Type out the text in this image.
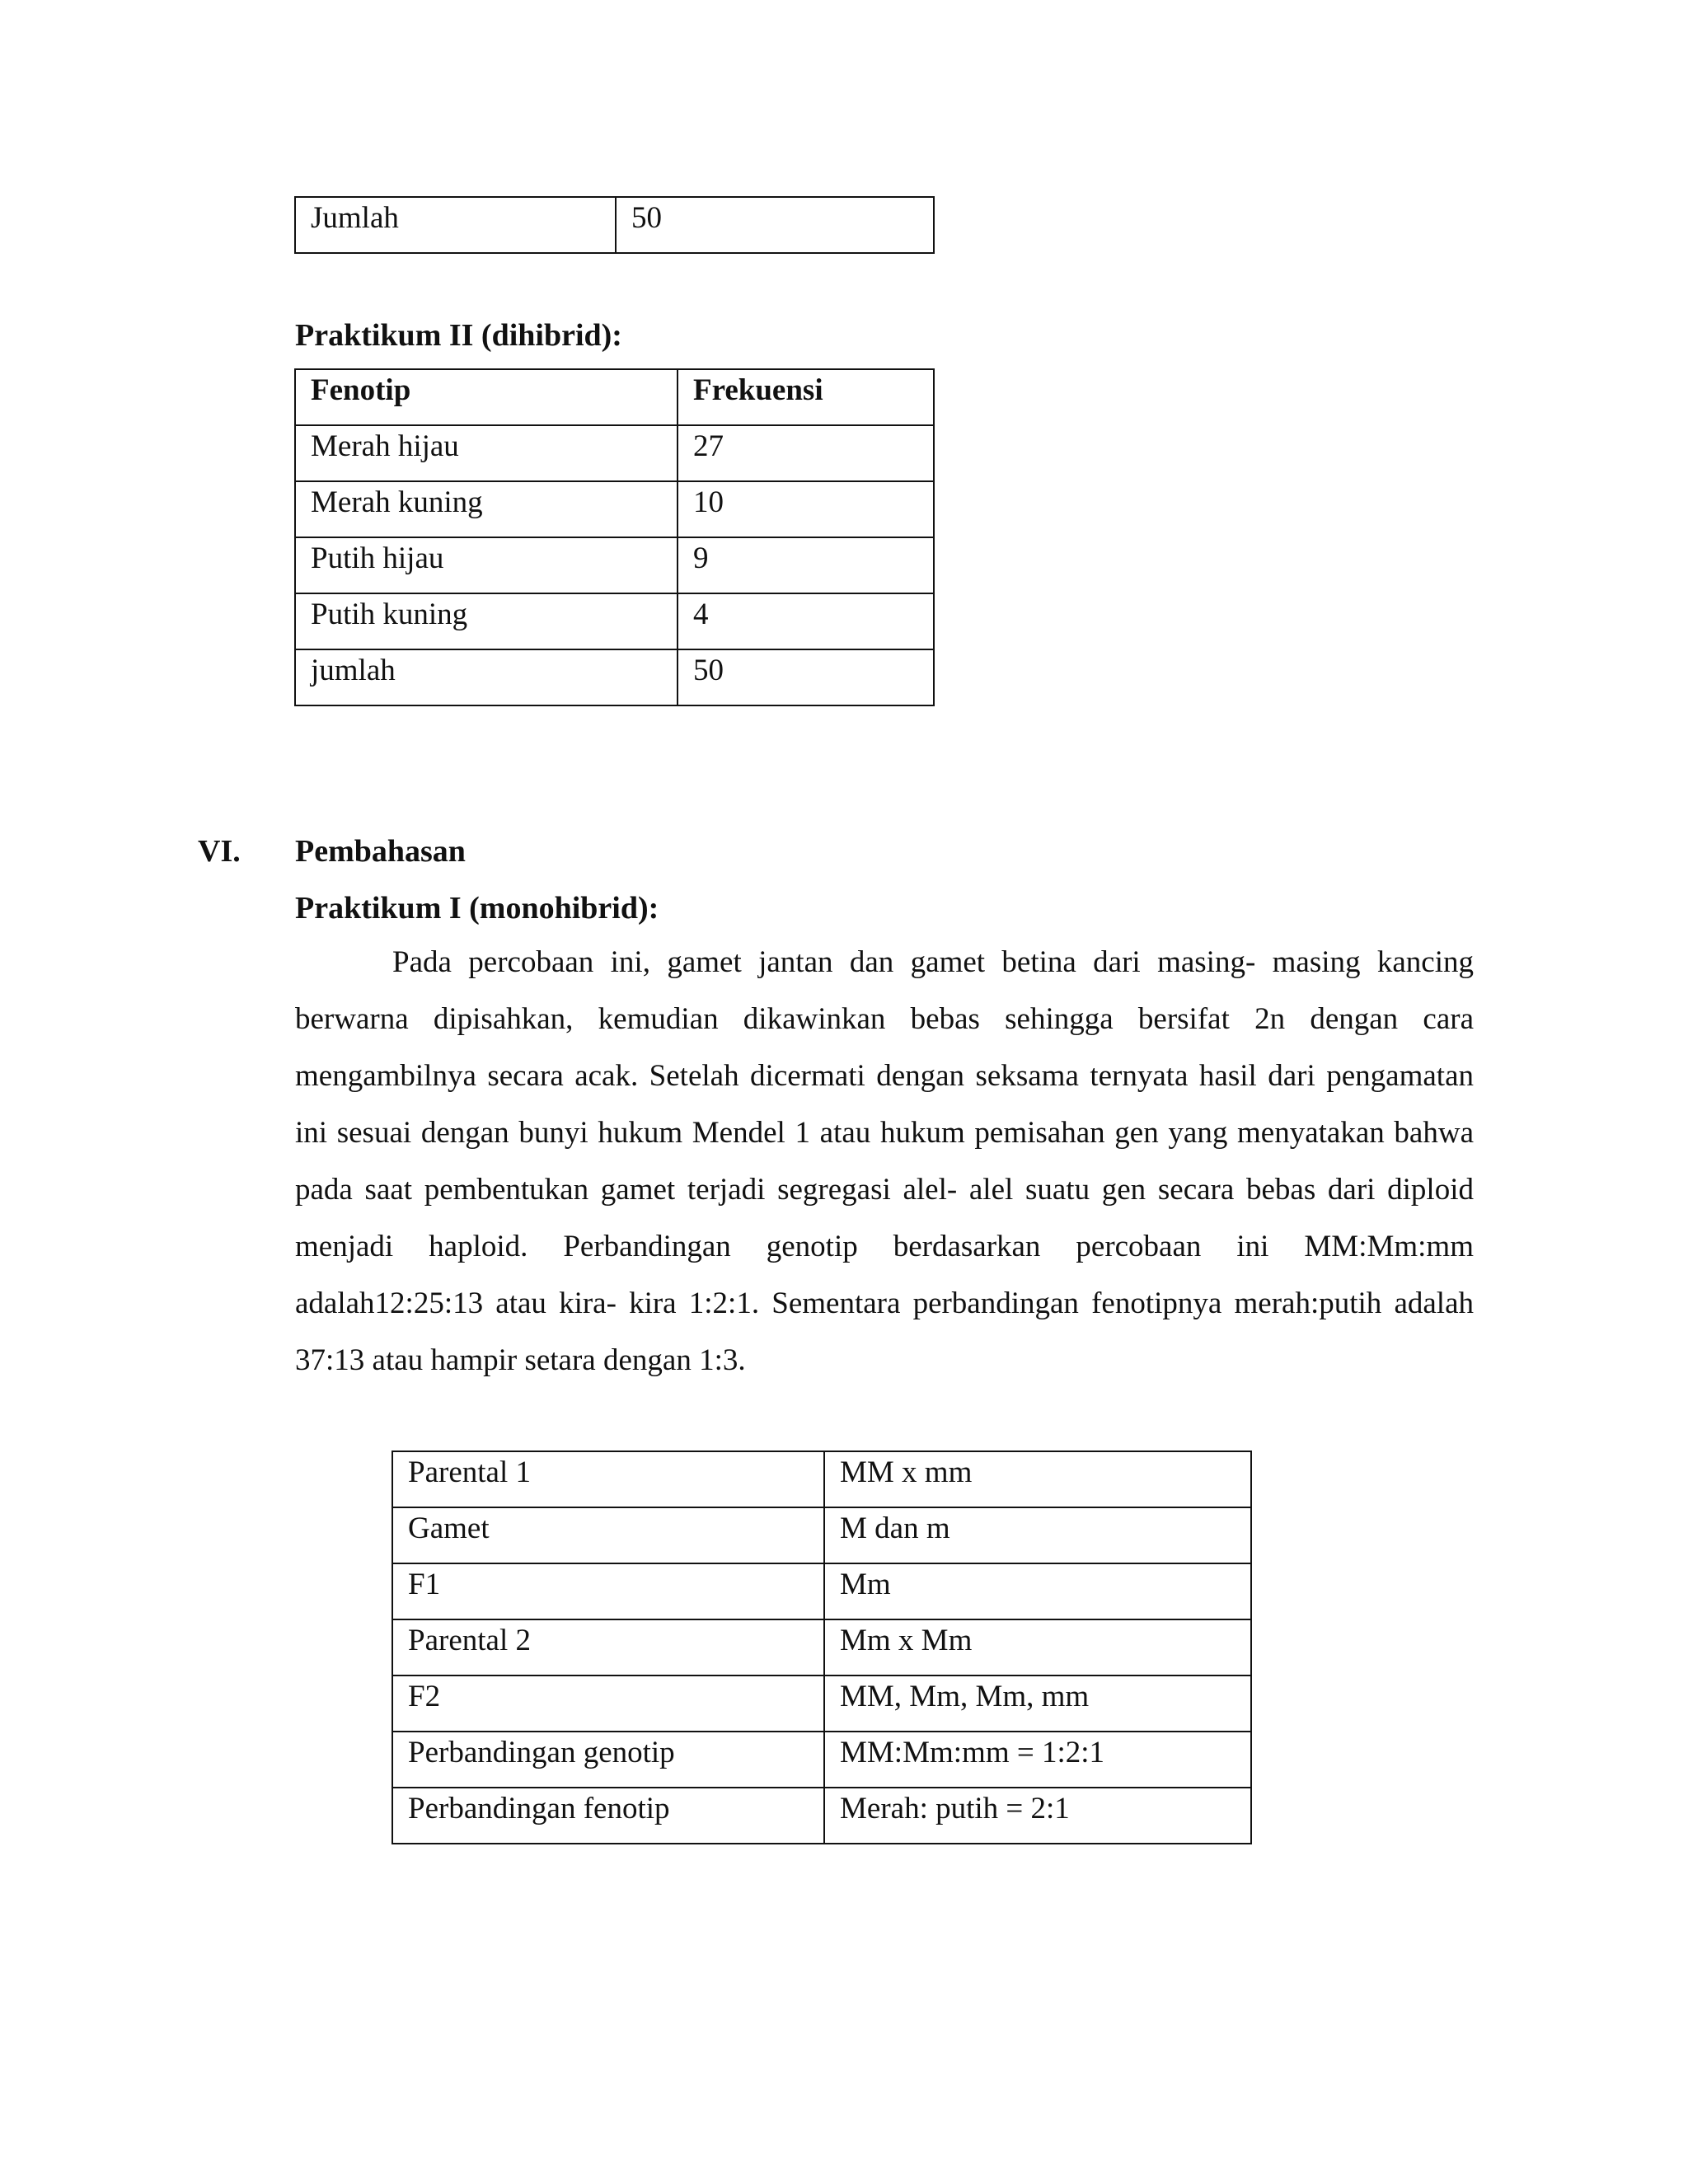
Jumlah	50
Praktikum II (dihibrid):
Fenotip	Frekuensi
Merah hijau	27
Merah kuning	10
Putih hijau	9
Putih kuning	4
jumlah	50
VI. Pembahasan
Praktikum I (monohibrid):
Pada percobaan ini, gamet jantan dan gamet betina dari masing- masing kancing berwarna dipisahkan, kemudian dikawinkan bebas sehingga bersifat 2n dengan cara mengambilnya secara acak. Setelah dicermati dengan seksama ternyata hasil dari pengamatan ini sesuai dengan bunyi hukum Mendel 1 atau hukum pemisahan gen yang menyatakan bahwa pada saat pembentukan gamet terjadi segregasi alel- alel suatu gen secara bebas dari diploid menjadi haploid. Perbandingan genotip berdasarkan percobaan ini MM:Mm:mm adalah12:25:13 atau kira- kira 1:2:1. Sementara perbandingan fenotipnya merah:putih adalah 37:13 atau hampir setara dengan 1:3.
Parental 1	MM x mm
Gamet	M dan m
F1	Mm
Parental 2	Mm x Mm
F2	MM, Mm, Mm, mm
Perbandingan genotip	MM:Mm:mm = 1:2:1
Perbandingan fenotip	Merah: putih = 2:1
